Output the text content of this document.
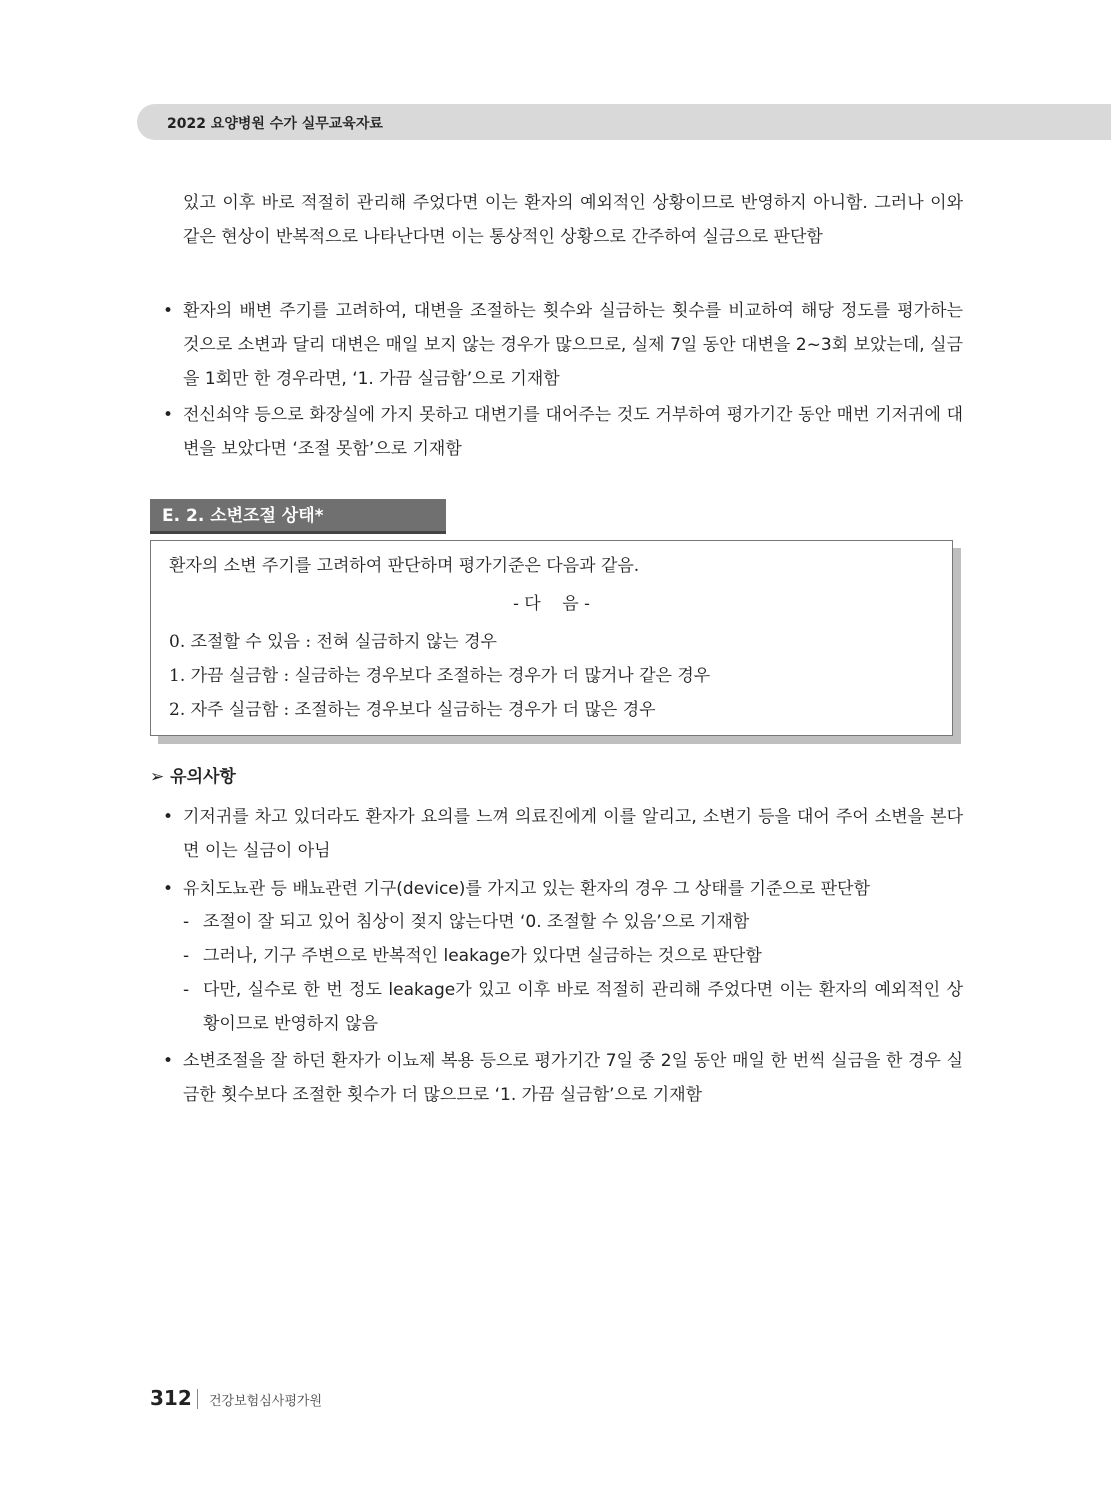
2022 요양병원 수가 실무교육자료

있고 이후 바로 적절히 관리해 주었다면 이는 환자의 예외적인 상황이므로 반영하지 아니함. 그러나 이와 같은 현상이 반복적으로 나타난다면 이는 통상적인 상황으로 간주하여 실금으로 판단함

• 환자의 배변 주기를 고려하여, 대변을 조절하는 횟수와 실금하는 횟수를 비교하여 해당 정도를 평가하는 것으로 소변과 달리 대변은 매일 보지 않는 경우가 많으므로, 실제 7일 동안 대변을 2~3회 보았는데, 실금을 1회만 한 경우라면, ‘1. 가끔 실금함’으로 기재함

• 전신쇠약 등으로 화장실에 가지 못하고 대변기를 대어주는 것도 거부하여 평가기간 동안 매번 기저귀에 대변을 보았다면 ‘조절 못함’으로 기재함

E. 2. 소변조절 상태*
환자의 소변 주기를 고려하여 판단하며 평가기준은 다음과 같음.
- 다    음 -
0. 조절할 수 있음 : 전혀 실금하지 않는 경우
1. 가끔 실금함 : 실금하는 경우보다 조절하는 경우가 더 많거나 같은 경우
2. 자주 실금함 : 조절하는 경우보다 실금하는 경우가 더 많은 경우
➢ 유의사항
• 기저귀를 차고 있더라도 환자가 요의를 느껴 의료진에게 이를 알리고, 소변기 등을 대어 주어 소변을 본다면 이는 실금이 아님

• 유치도뇨관 등 배뇨관련 기구(device)를 가지고 있는 환자의 경우 그 상태를 기준으로 판단함

- 조절이 잘 되고 있어 침상이 젖지 않는다면 ‘0. 조절할 수 있음’으로 기재함

- 그러나, 기구 주변으로 반복적인 leakage가 있다면 실금하는 것으로 판단함

- 다만, 실수로 한 번 정도 leakage가 있고 이후 바로 적절히 관리해 주었다면 이는 환자의 예외적인 상황이므로 반영하지 않음

• 소변조절을 잘 하던 환자가 이뇨제 복용 등으로 평가기간 7일 중 2일 동안 매일 한 번씩 실금을 한 경우 실금한 횟수보다 조절한 횟수가 더 많으므로 ‘1. 가끔 실금함’으로 기재함

312 건강보험심사평가원
